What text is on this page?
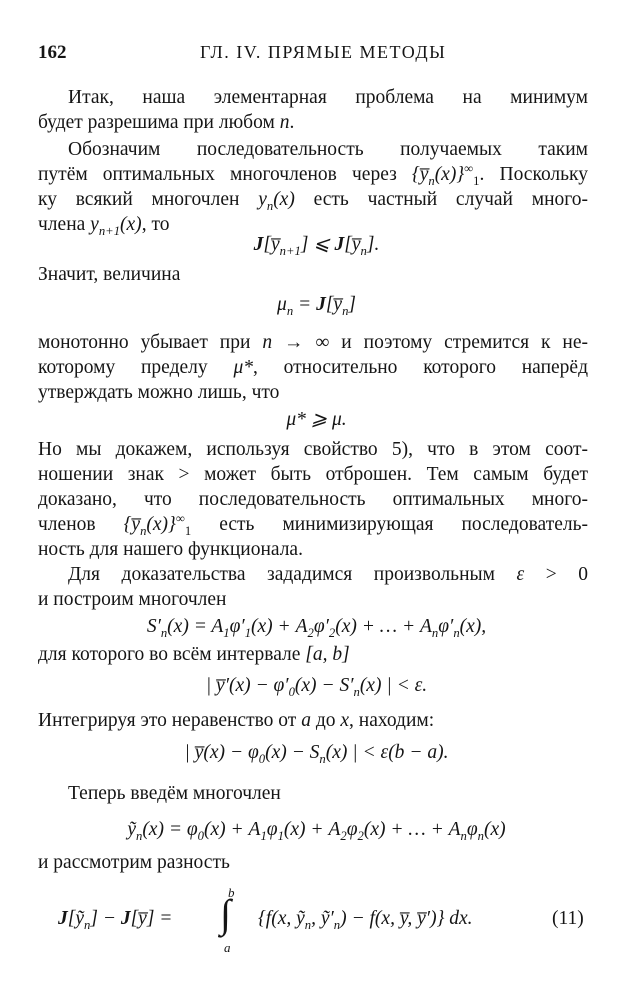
162	ГЛ. IV. ПРЯМЫЕ МЕТОДЫ
Итак, наша элементарная проблема на минимум
будет разрешима при любом n.
Обозначим последовательность получаемых таким
путём оптимальных многочленов через $\{y̅_n(x)\}^\infty_1$. Поскольку
ку всякий многочлен $y_n(x)$ есть частный случай много-
члена $y_{n+1}(x)$, то
$J[y̅_{n+1}]$ ⩽ $J[y̅_n]$.
Значит, величина
$\mu_n$ = $J[y̅_n]$
монотонно убывает при n → ∞ и поэтому стремится к не-
которому пределу μ*, относительно которого наперёд
утверждать можно лишь, что
μ* ⩾ μ.
Но мы докажем, используя свойство 5), что в этом соот-
ношении знак > может быть отброшен. Тем самым будет
доказано, что последовательность оптимальных много-
членов $\{y̅_n(x)\}^\infty_1$ есть минимизирующая последователь-
ность для нашего функционала.
Для доказательства зададимся произвольным ε > 0
и построим многочлен
$S'_n(x) = A_1\varphi'_1(x) + A_2\varphi'_2(x)$ + … + $A_n\varphi'_n(x)$,
для которого во всём интервале [a, b]
| y̅′(x) − $\varphi'_0(x) - S'_n(x)$ | < ε.
Интегрируя это неравенство от a до x, находим:
| y̅(x) − $\varphi_0(x) - S_n(x)$ | < ε(b − a).
Теперь введём многочлен
ỹ$_n$(x) = $\varphi_0(x) + A_1\varphi_1(x) + A_2\varphi_2(x)$ + … + $A_n\varphi_n(x)$
и рассмотрим разность
J[ỹ$_n$] − J[y̅] =
b
∫
a
{f(x, ỹ$_n$, $ỹ'_n) - f(x$, y̅, y̅′)} dx.	(11)
